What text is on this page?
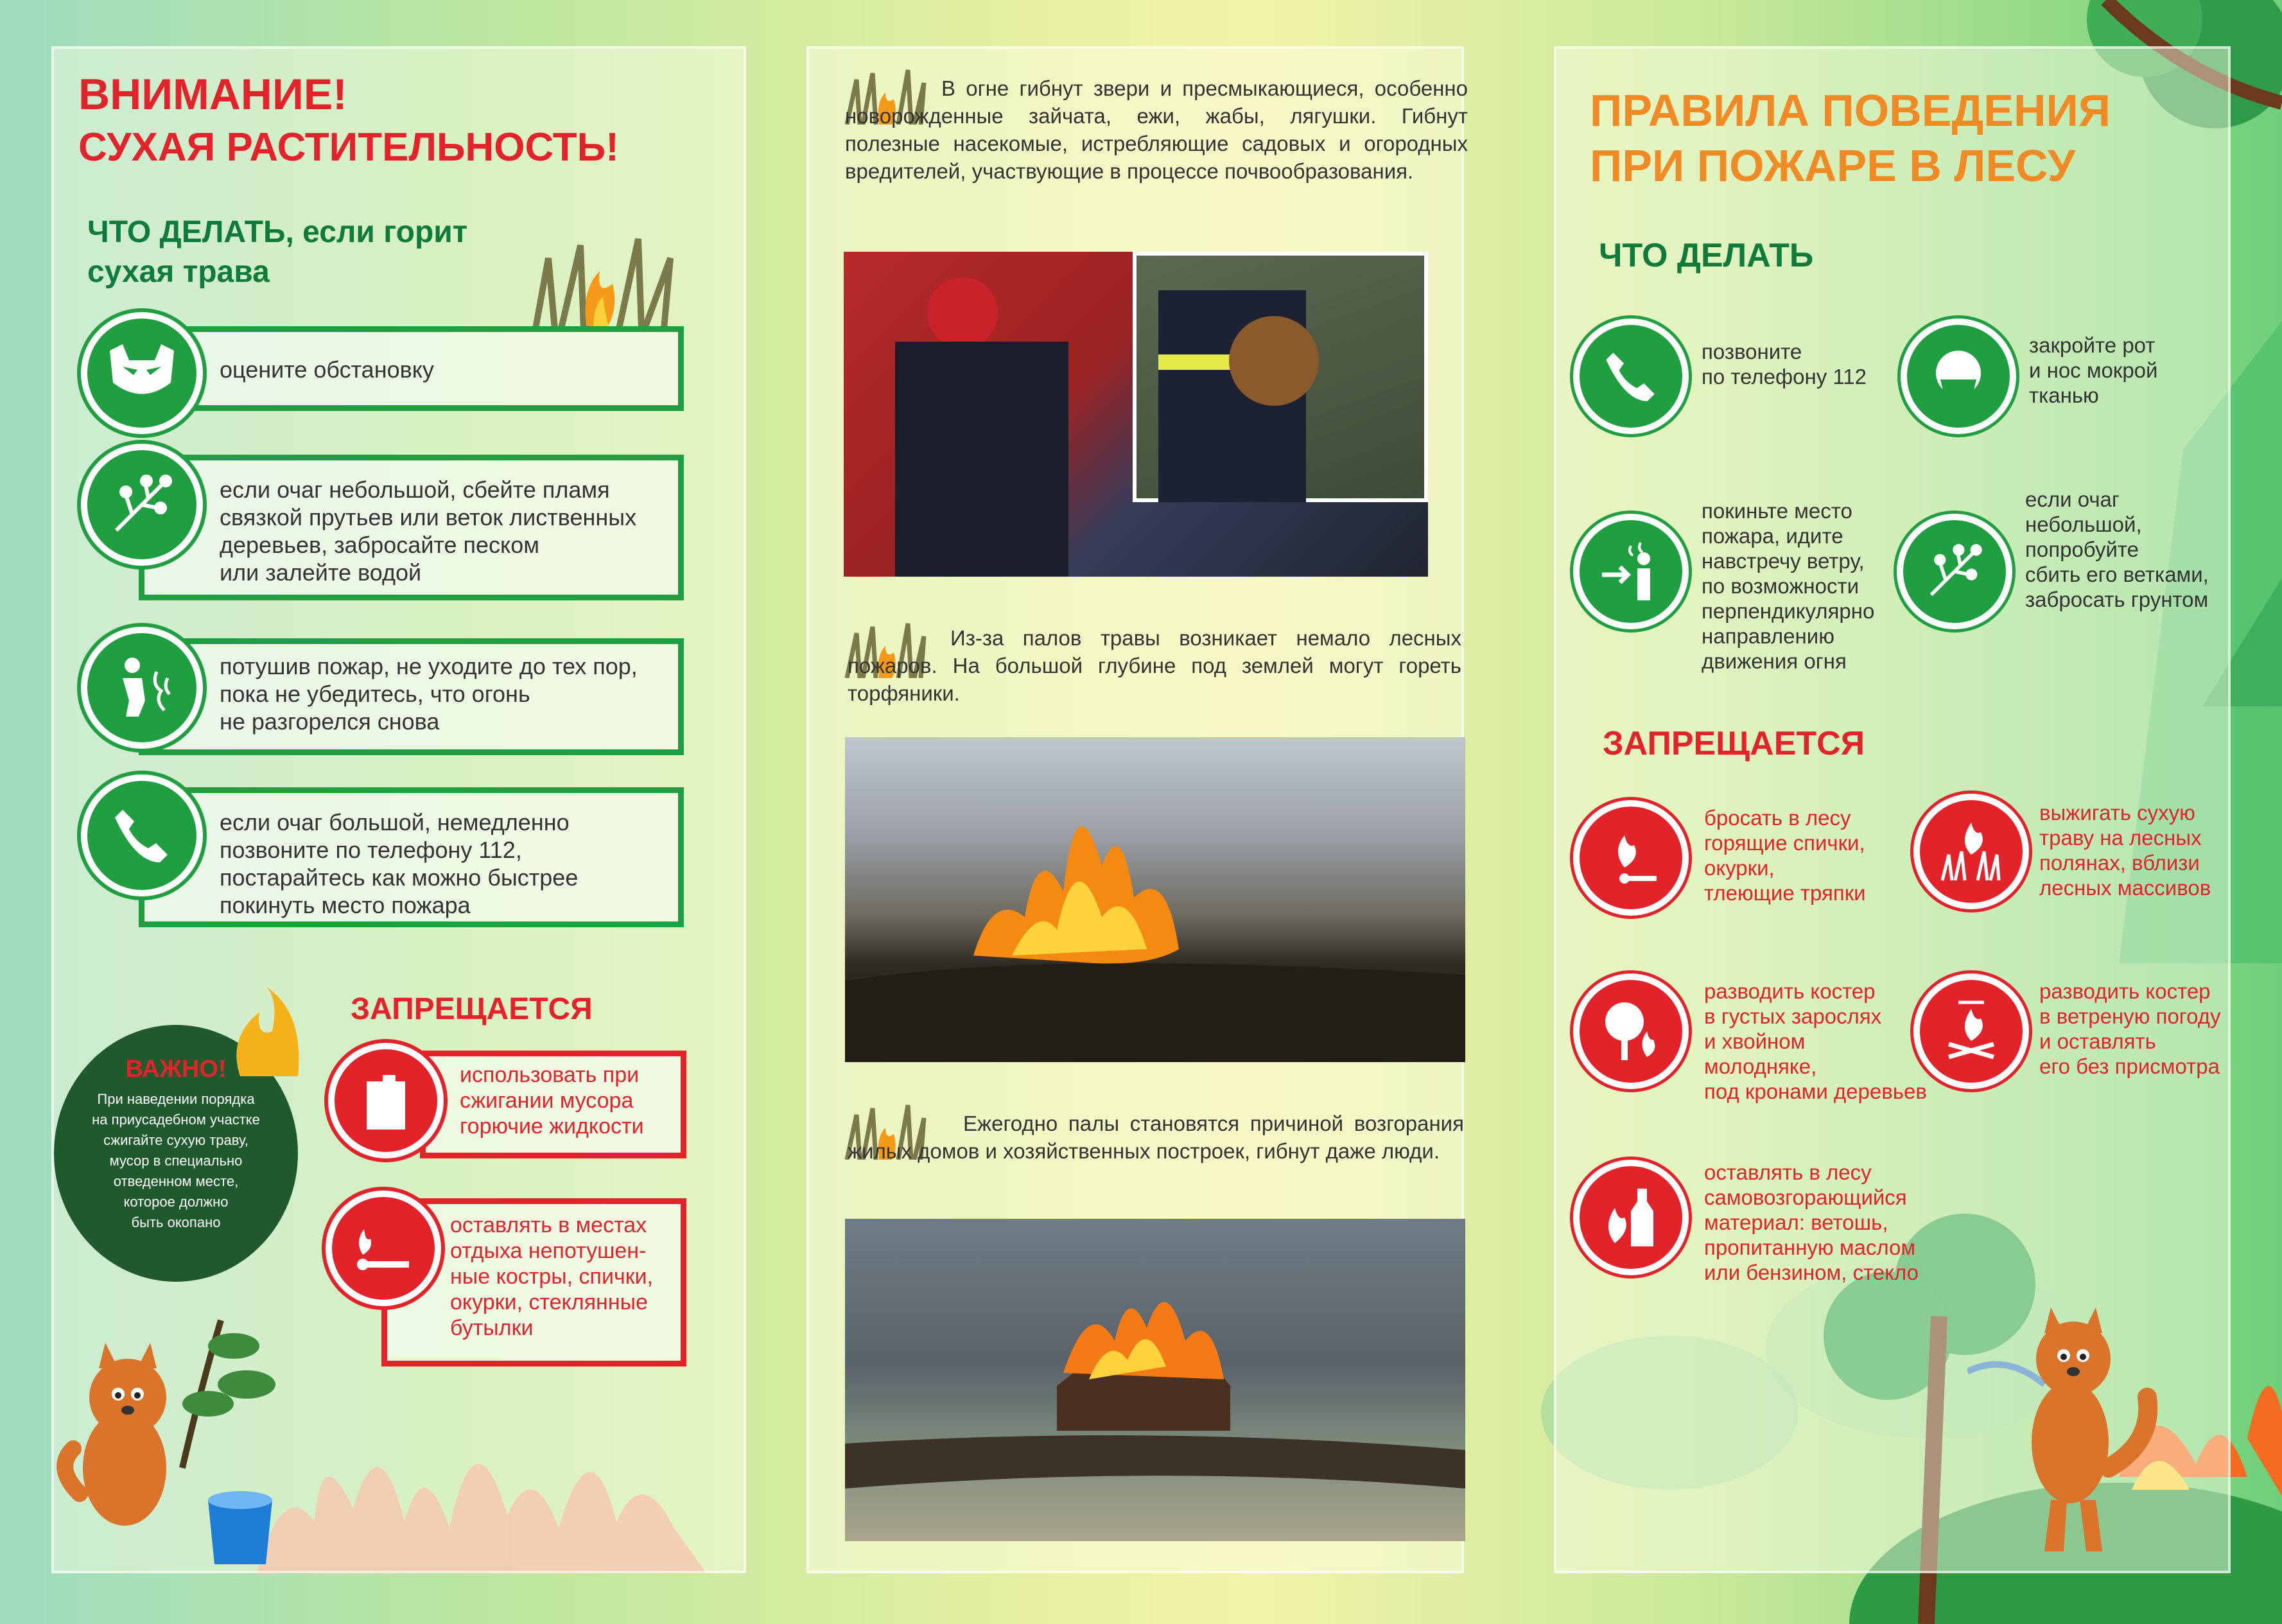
ВНИМАНИЕ!
СУХАЯ РАСТИТЕЛЬНОСТЬ!
ЧТО ДЕЛАТЬ, если горит
сухая трава
оцените обстановку
если очаг небольшой, сбейте пламя
связкой прутьев или веток лиственных
деревьев, забросайте песком
или залейте водой
потушив пожар, не уходите до тех пор,
пока не убедитесь, что огонь
не разгорелся снова
если очаг большой, немедленно
позвоните по телефону 112,
постарайтесь как можно быстрее
покинуть место пожара
ЗАПРЕЩАЕТСЯ
использовать при
сжигании мусора
горючие жидкости
оставлять в местах
отдыха непотушен-
ные костры, спички,
окурки, стеклянные
бутылки
ВАЖНО!
При наведении порядка
на приусадебном участке
сжигайте сухую траву,
мусор в специально
отведенном месте,
которое должно
быть окопано
В огне гибнут звери и пресмыкающиеся, особенно новорожденные зайчата, ежи, жабы, лягушки. Гибнут полезные насекомые, истребляющие садовых и огородных вредителей, участвующие в процессе почвообразования.
Из-за палов травы возникает немало лесных пожаров. На большой глубине под землей могут гореть торфяники.
Ежегодно палы становятся причиной возгорания жилых домов и хозяйственных построек, гибнут даже люди.
ПРАВИЛА ПОВЕДЕНИЯ
ПРИ ПОЖАРЕ В ЛЕСУ
ЧТО ДЕЛАТЬ
позвоните
по телефону 112
закройте рот
и нос мокрой
тканью
покиньте место
пожара, идите
навстречу ветру,
по возможности
перпендикулярно
направлению
движения огня
если очаг
небольшой,
попробуйте
сбить его ветками,
забросать грунтом
ЗАПРЕЩАЕТСЯ
бросать в лесу
горящие спички,
окурки,
тлеющие тряпки
выжигать сухую
траву на лесных
полянах, вблизи
лесных массивов
разводить костер
в густых зарослях
и хвойном
молодняке,
под кронами деревьев
разводить костер
в ветреную погоду
и оставлять
его без присмотра
оставлять в лесу
самовозгорающийся
материал: ветошь,
пропитанную маслом
или бензином, стекло
